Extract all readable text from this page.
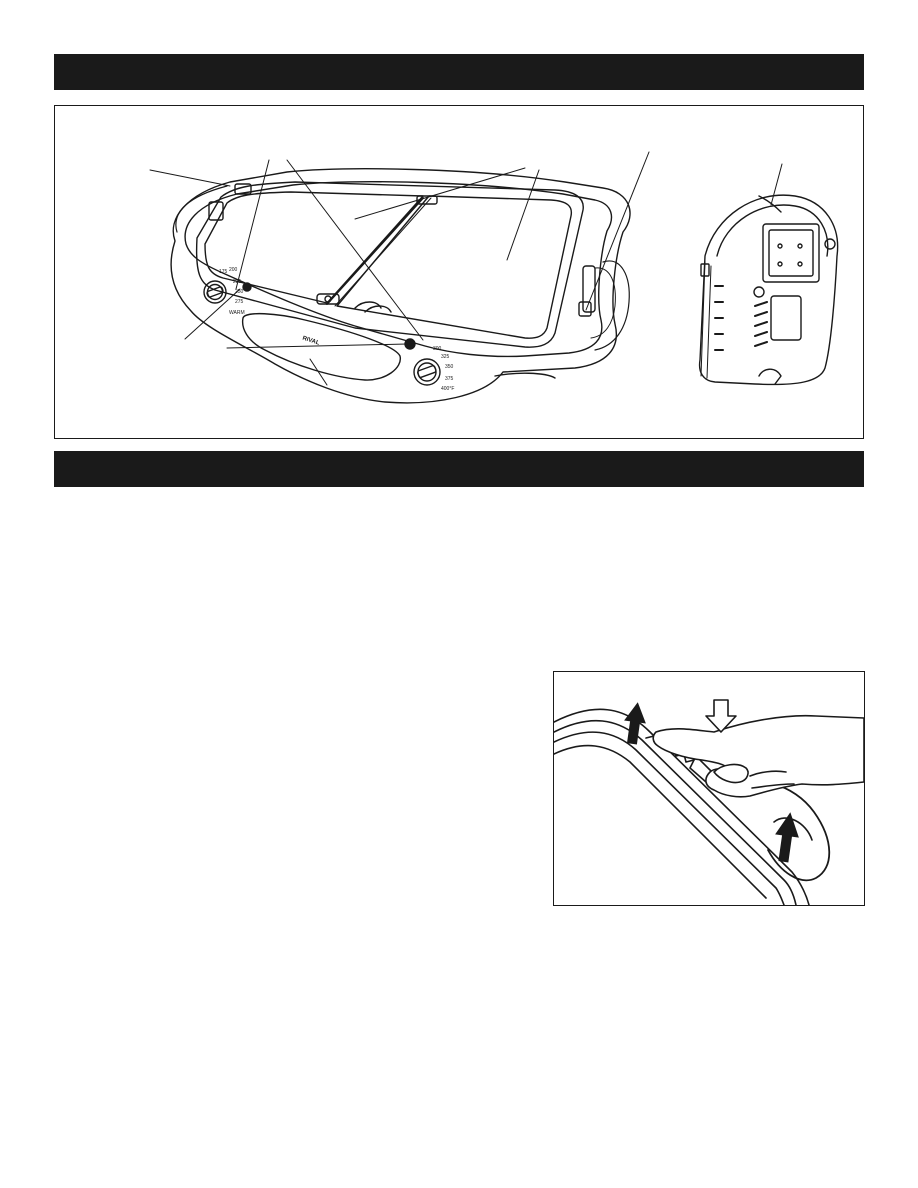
175 200
225
250
275
WARM
300
325
350
375
400°F
RIVAL
